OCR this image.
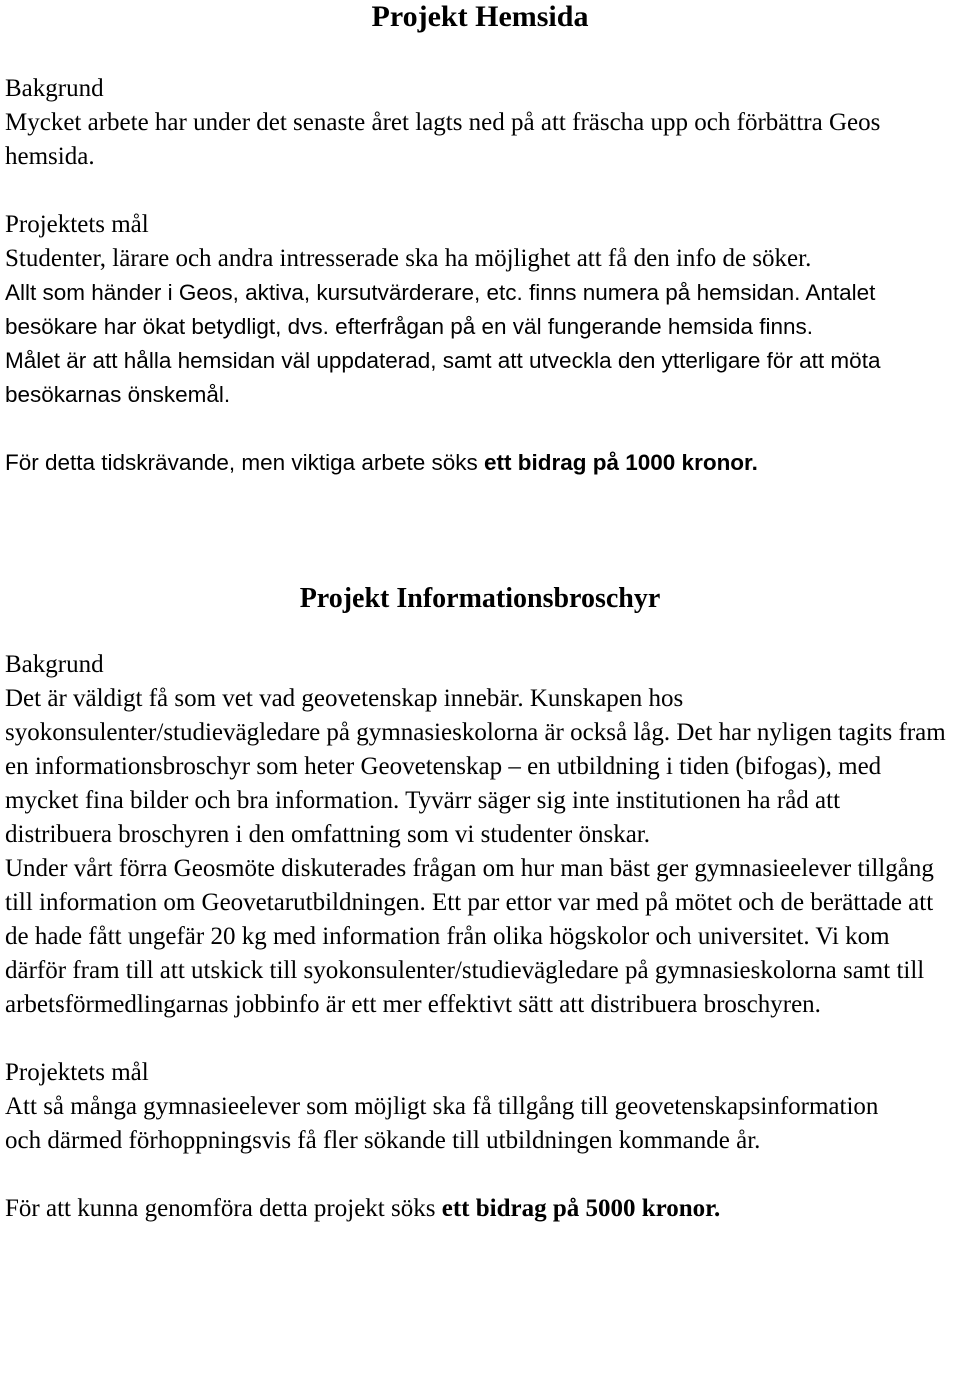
Projekt Hemsida

Bakgrund

Mycket arbete har under det senaste året lagts ned på att fräscha upp och förbättra Geos hemsida.

Projektets mål

Studenter, lärare och andra intresserade ska ha möjlighet att få den info de söker.

Allt som händer i Geos, aktiva, kursutvärderare, etc. finns numera på hemsidan. Antalet besökare har ökat betydligt, dvs. efterfrågan på en väl fungerande hemsida finns.

Målet är att hålla hemsidan väl uppdaterad, samt att utveckla den ytterligare för att möta besökarnas önskemål.

För detta tidskrävande, men viktiga arbete söks ett bidrag på 1000 kronor.

Projekt Informationsbroschyr

Bakgrund

Det är väldigt få som vet vad geovetenskap innebär. Kunskapen hos syokonsulenter/studievägledare på gymnasieskolorna är också låg. Det har nyligen tagits fram en informationsbroschyr som heter Geovetenskap – en utbildning i tiden (bifogas), med mycket fina bilder och bra information. Tyvärr säger sig inte institutionen ha råd att distribuera broschyren i den omfattning som vi studenter önskar.

Under vårt förra Geosmöte diskuterades frågan om hur man bäst ger gymnasieelever tillgång till information om Geovetarutbildningen. Ett par ettor var med på mötet och de berättade att de hade fått ungefär 20 kg med information från olika högskolor och universitet. Vi kom därför fram till att utskick till syokonsulenter/studievägledare på gymnasieskolorna samt till arbetsförmedlingarnas jobbinfo är ett mer effektivt sätt att distribuera broschyren.

Projektets mål

Att så många gymnasieelever som möjligt ska få tillgång till geovetenskapsinformation och därmed förhoppningsvis få fler sökande till utbildningen kommande år.

För att kunna genomföra detta projekt söks ett bidrag på 5000 kronor.
